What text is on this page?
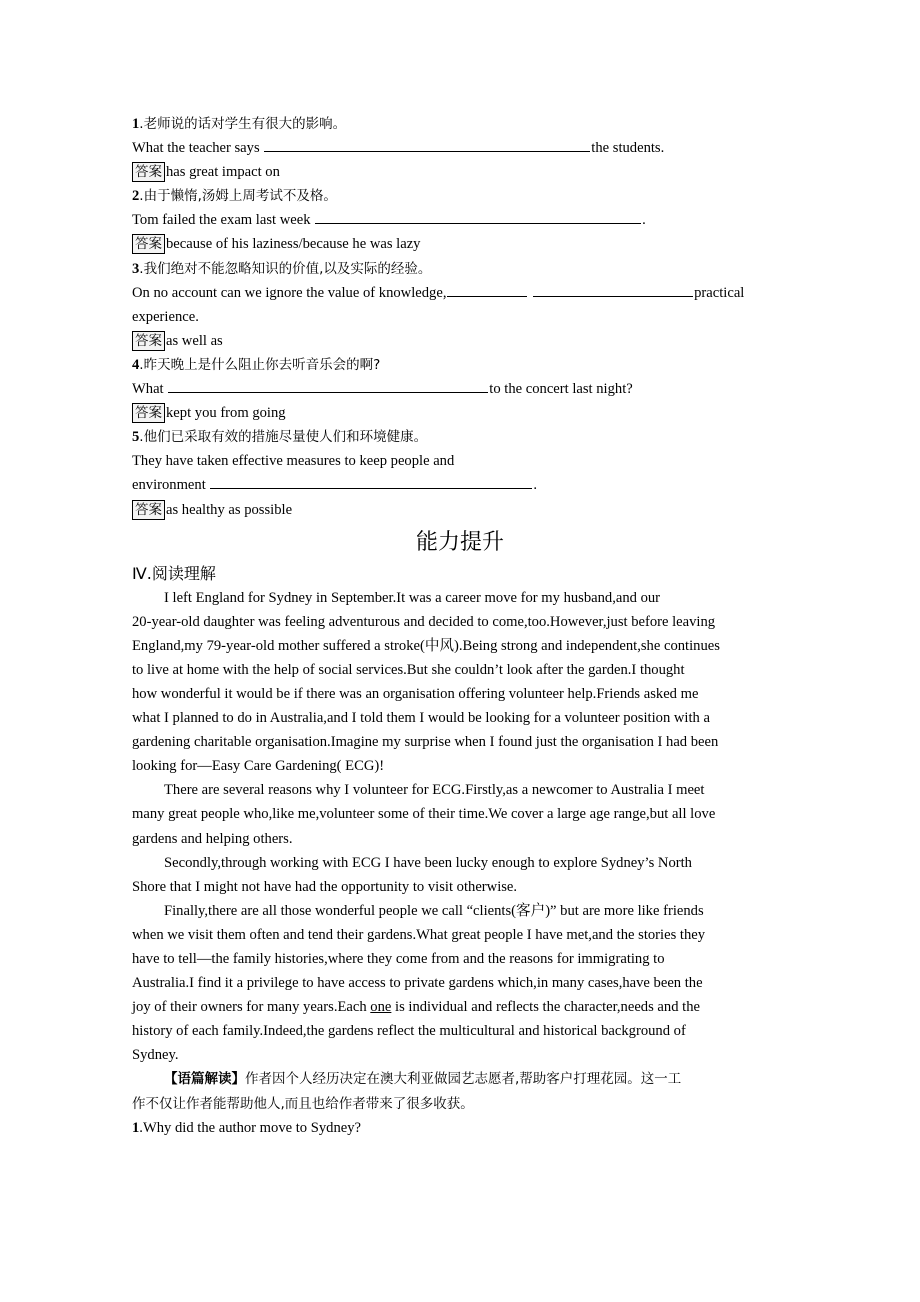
1.老师说的话对学生有很大的影响。
What the teacher says	the students.
答案 has great impact on
2.由于懒惰,汤姆上周考试不及格。
Tom failed the exam last week	.
答案 because of his laziness/because he was lazy
3.我们绝对不能忽略知识的价值,以及实际的经验。
On no account can we ignore the value of knowledge,	practical
experience.
答案 as well as
4.昨天晚上是什么阻止你去听音乐会的啊?
What	to the concert last night?
答案 kept you from going
5.他们已采取有效的措施尽量使人们和环境健康。
They have taken effective measures to keep people and
environment	.
答案 as healthy as possible
能力提升
Ⅳ.阅读理解
I left England for Sydney in September.It was a career move for my husband,and our
20-year-old daughter was feeling adventurous and decided to come,too.However,just before leaving
England,my 79-year-old mother suffered a stroke(中风).Being strong and independent,she continues
to live at home with the help of social services.But she couldn’t look after the garden.I thought
how wonderful it would be if there was an organisation offering volunteer help.Friends asked me
what I planned to do in Australia,and I told them I would be looking for a volunteer position with a
gardening charitable organisation.Imagine my surprise when I found just the organisation I had been
looking for—Easy Care Gardening( ECG)!
There are several reasons why I volunteer for ECG.Firstly,as a newcomer to Australia I meet
many great people who,like me,volunteer some of their time.We cover a large age range,but all love
gardens and helping others.
Secondly,through working with ECG I have been lucky enough to explore Sydney’s North
Shore that I might not have had the opportunity to visit otherwise.
Finally,there are all those wonderful people we call “clients(客户)” but are more like friends
when we visit them often and tend their gardens.What great people I have met,and the stories they
have to tell—the family histories,where they come from and the reasons for immigrating to
Australia.I find it a privilege to have access to private gardens which,in many cases,have been the
joy of their owners for many years.Each one is individual and reflects the character,needs and the
history of each family.Indeed,the gardens reflect the multicultural and historical background of
Sydney.
【语篇解读】作者因个人经历决定在澳大利亚做园艺志愿者,帮助客户打理花园。这一工
作不仅让作者能帮助他人,而且也给作者带来了很多收获。
1.Why did the author move to Sydney?
